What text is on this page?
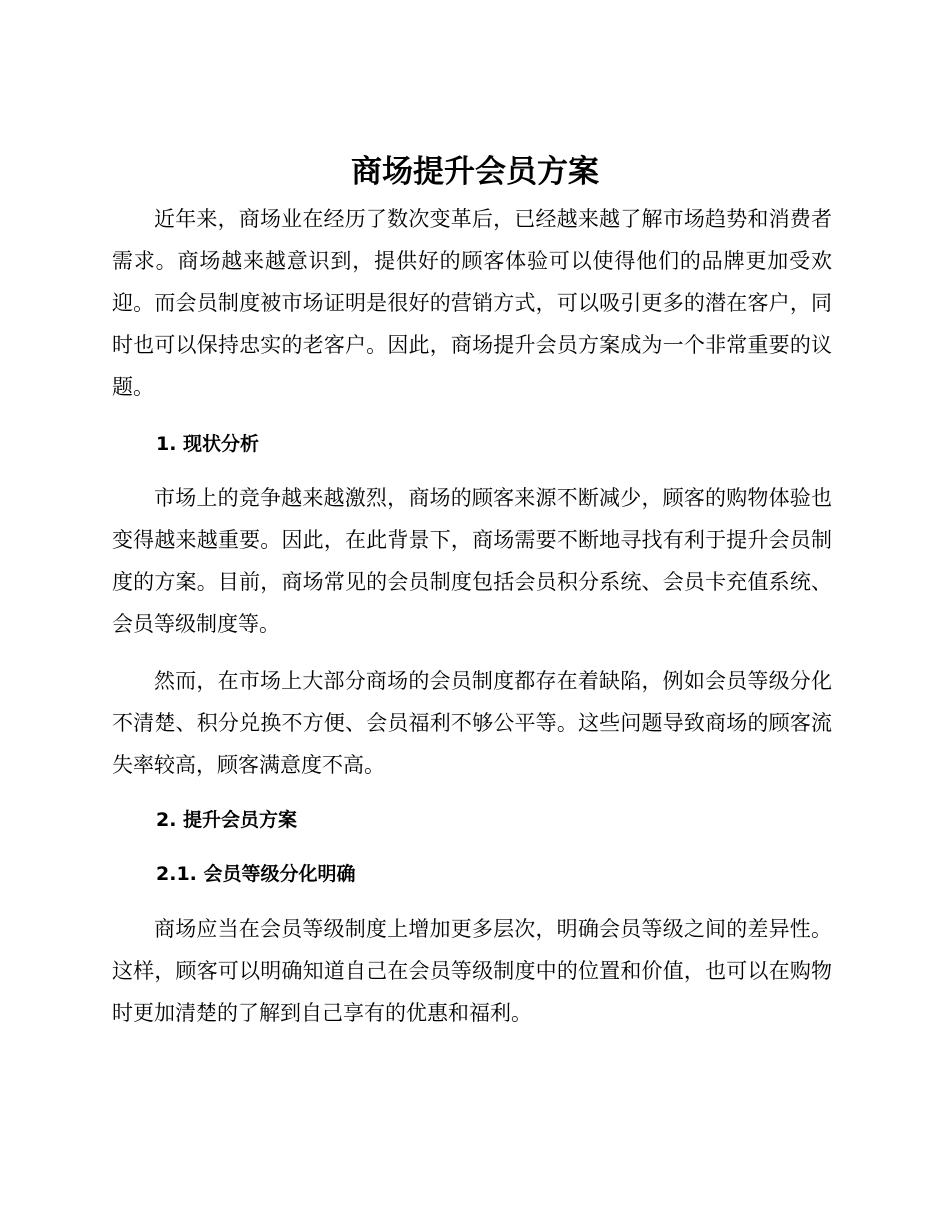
商场提升会员方案

近年来，商场业在经历了数次变革后，已经越来越了解市场趋势和消费者需求。商场越来越意识到，提供好的顾客体验可以使得他们的品牌更加受欢迎。而会员制度被市场证明是很好的营销方式，可以吸引更多的潜在客户，同时也可以保持忠实的老客户。因此，商场提升会员方案成为一个非常重要的议题。

1. 现状分析

市场上的竞争越来越激烈，商场的顾客来源不断减少，顾客的购物体验也变得越来越重要。因此，在此背景下，商场需要不断地寻找有利于提升会员制度的方案。目前，商场常见的会员制度包括会员积分系统、会员卡充值系统、会员等级制度等。

然而，在市场上大部分商场的会员制度都存在着缺陷，例如会员等级分化不清楚、积分兑换不方便、会员福利不够公平等。这些问题导致商场的顾客流失率较高，顾客满意度不高。

2. 提升会员方案
2.1. 会员等级分化明确

商场应当在会员等级制度上增加更多层次，明确会员等级之间的差异性。这样，顾客可以明确知道自己在会员等级制度中的位置和价值，也可以在购物时更加清楚的了解到自己享有的优惠和福利。
